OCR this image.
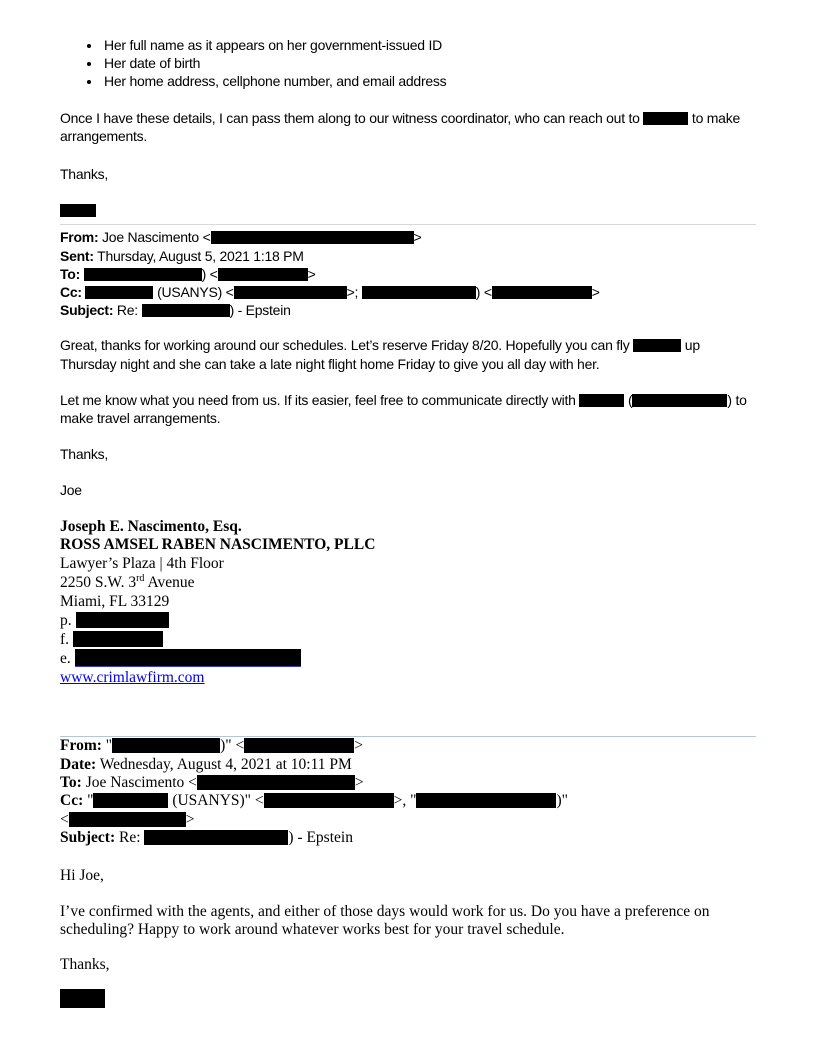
• Her full name as it appears on her government-issued ID
• Her date of birth
• Her home address, cellphone number, and email address

Once I have these details, I can pass them along to our witness coordinator, who can reach out to	to make arrangements.

Thanks,

From: Joe Nascimento <	>
Sent: Thursday, August 5, 2021 1:18 PM
To:	) <	>
Cc:	(USANYS) <	>;	) <	>
Subject: Re:	) - Epstein

Great, thanks for working around our schedules. Let’s reserve Friday 8/20. Hopefully you can fly	up Thursday night and she can take a late night flight home Friday to give you all day with her.

Let me know what you need from us. If its easier, feel free to communicate directly with	(	) to make travel arrangements.

Thanks,

Joe

Joseph E. Nascimento, Esq.
ROSS AMSEL RABEN NASCIMENTO, PLLC
Lawyer’s Plaza | 4th Floor
2250 S.W. 3rd Avenue
Miami, FL 33129
p.
f.
e.
www.crimlawfirm.com
From: "	)" <	>
Date: Wednesday, August 4, 2021 at 10:11 PM
To: Joe Nascimento <	>
Cc: "	(USANYS)" <	>, "	)"
<	>
Subject: Re:	) - Epstein

Hi Joe,

I’ve confirmed with the agents, and either of those days would work for us. Do you have a preference on scheduling? Happy to work around whatever works best for your travel schedule.

Thanks,
